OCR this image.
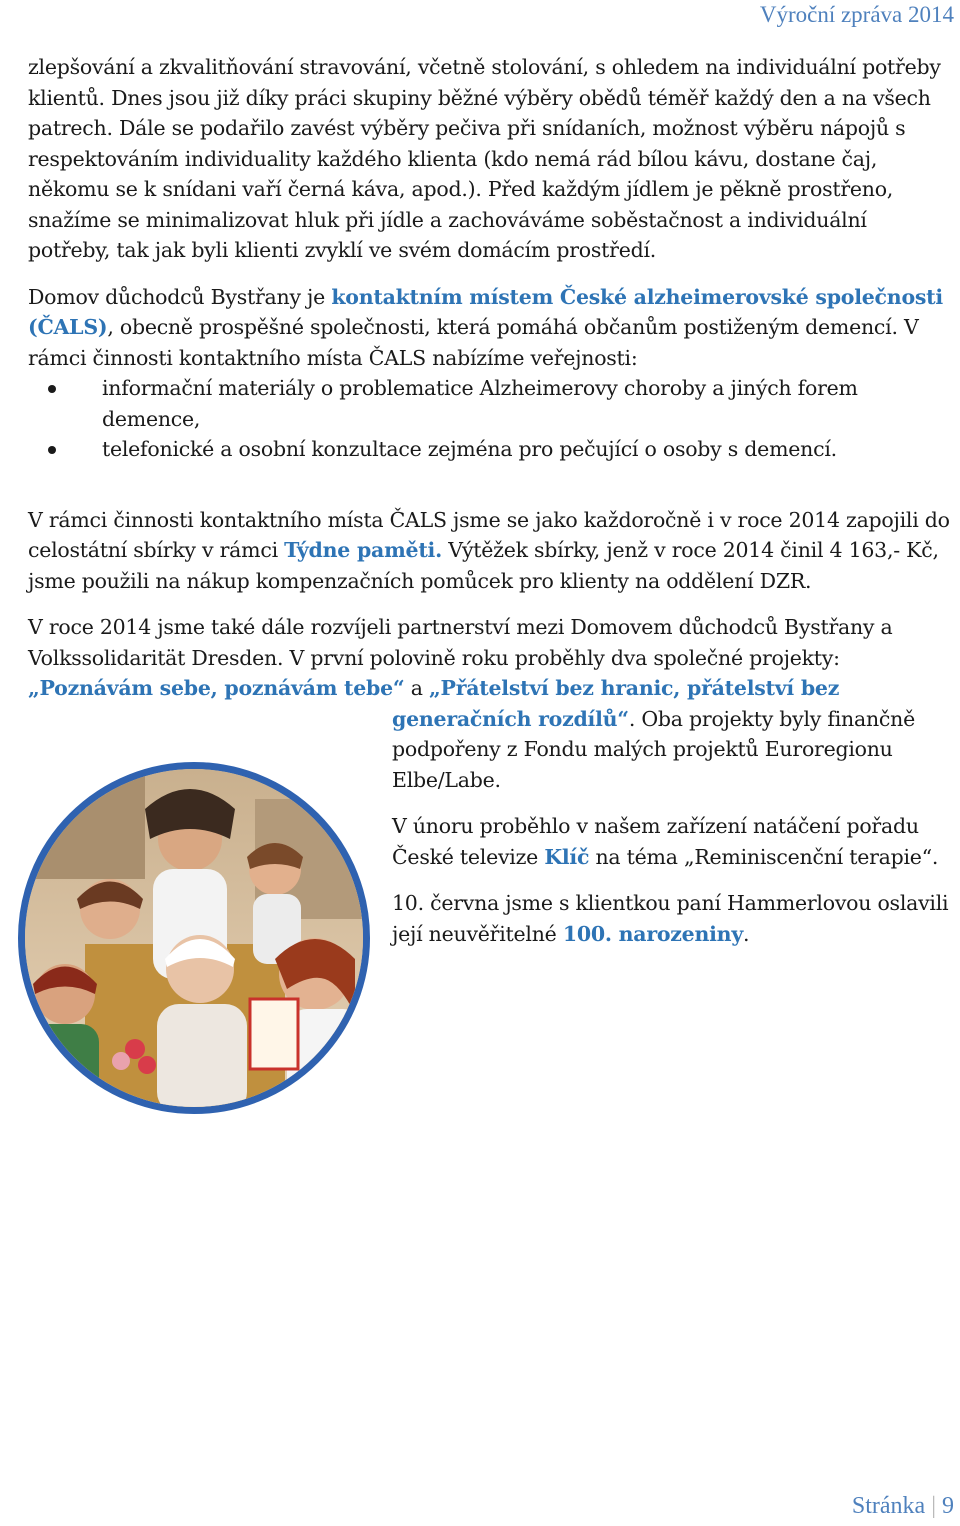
Výroční zpráva 2014

zlepšování a zkvalitňování stravování, včetně stolování, s ohledem na individuální potřeby klientů. Dnes jsou již díky práci skupiny běžné výběry obědů téměř každý den a na všech patrech. Dále se podařilo zavést výběry pečiva při snídaních, možnost výběru nápojů s respektováním individuality každého klienta (kdo nemá rád bílou kávu, dostane čaj, někomu se k snídani vaří černá káva, apod.). Před každým jídlem je pěkně prostřeno, snažíme se minimalizovat hluk při jídle a zachováváme soběstačnost a individuální potřeby, tak jak byli klienti zvyklí ve svém domácím prostředí.

Domov důchodců Bystřany je kontaktním místem České alzheimerovské společnosti (ČALS), obecně prospěšné společnosti, která pomáhá občanům postiženým demencí. V rámci činnosti kontaktního místa ČALS nabízíme veřejnosti:

informační materiály o problematice Alzheimerovy choroby a jiných forem demence,
telefonické a osobní konzultace zejména pro pečující o osoby s demencí.

V rámci činnosti kontaktního místa ČALS jsme se jako každoročně i v roce 2014 zapojili do celostátní sbírky v rámci Týdne paměti. Výtěžek sbírky, jenž v roce 2014 činil 4 163,- Kč, jsme použili na nákup kompenzačních pomůcek pro klienty na oddělení DZR.

V roce 2014 jsme také dále rozvíjeli partnerství mezi Domovem důchodců Bystřany a Volkssolidarität Dresden. V první polovině roku proběhly dva společné projekty:

„Poznávám sebe, poznávám tebe“ a „Přátelství bez hranic, přátelství bez

generačních rozdílů“. Oba projekty byly finančně podpořeny z Fondu malých projektů Euroregionu Elbe/Labe.

V únoru proběhlo v našem zařízení natáčení pořadu České televize Klíč na téma „Reminiscenční terapie“.

10. června jsme s klientkou paní Hammerlovou oslavili její neuvěřitelné 100. narozeniny.

Stránka | 9
